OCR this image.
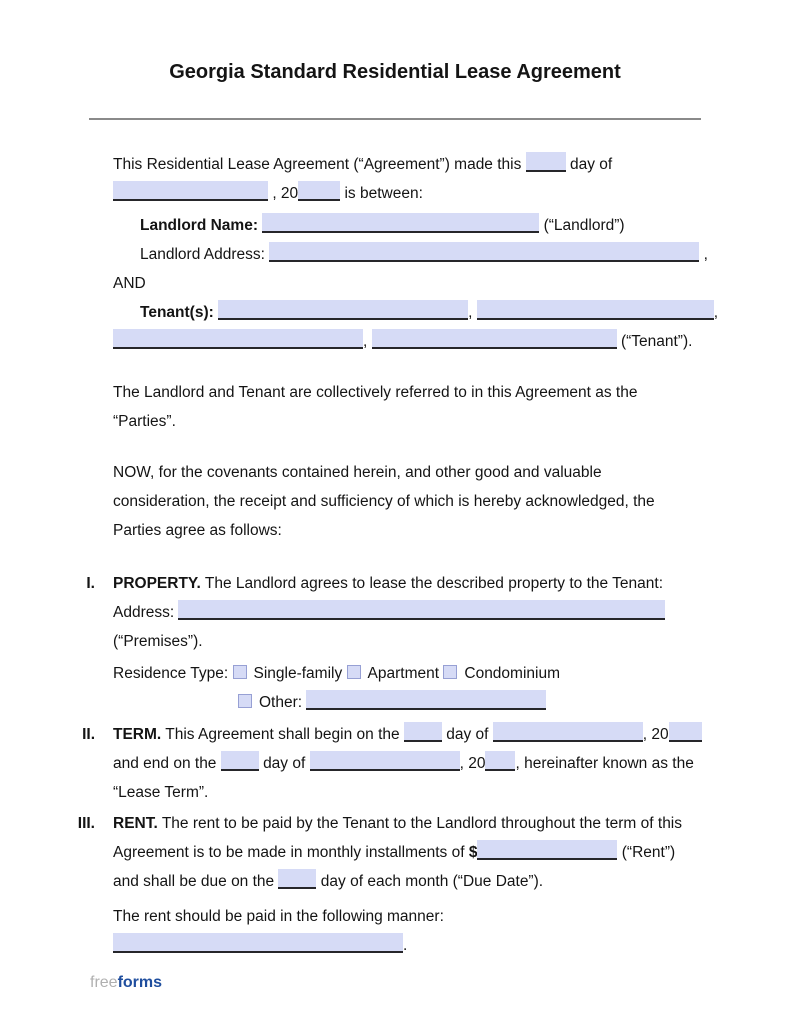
Georgia Standard Residential Lease Agreement
This Residential Lease Agreement (“Agreement”) made this	day of
, 20	is between:
Landlord Name:	(“Landlord”)
Landlord Address:	,
AND
Tenant(s):	,	,
,	(“Tenant”).
The Landlord and Tenant are collectively referred to in this Agreement as the
“Parties”.
NOW, for the covenants contained herein, and other good and valuable
consideration, the receipt and sufficiency of which is hereby acknowledged, the
Parties agree as follows:
I. PROPERTY. The Landlord agrees to lease the described property to the Tenant:
Address:
(“Premises”).
Residence Type: Single-family Apartment Condominium
Other:
II. TERM. This Agreement shall begin on the	day of	, 20
and end on the	day of	, 20 , hereinafter known as the
“Lease Term”.
III. RENT. The rent to be paid by the Tenant to the Landlord throughout the term of this
Agreement is to be made in monthly installments of $	(“Rent”)
and shall be due on the	day of each month (“Due Date”).
The rent should be paid in the following manner:
.
freeforms
